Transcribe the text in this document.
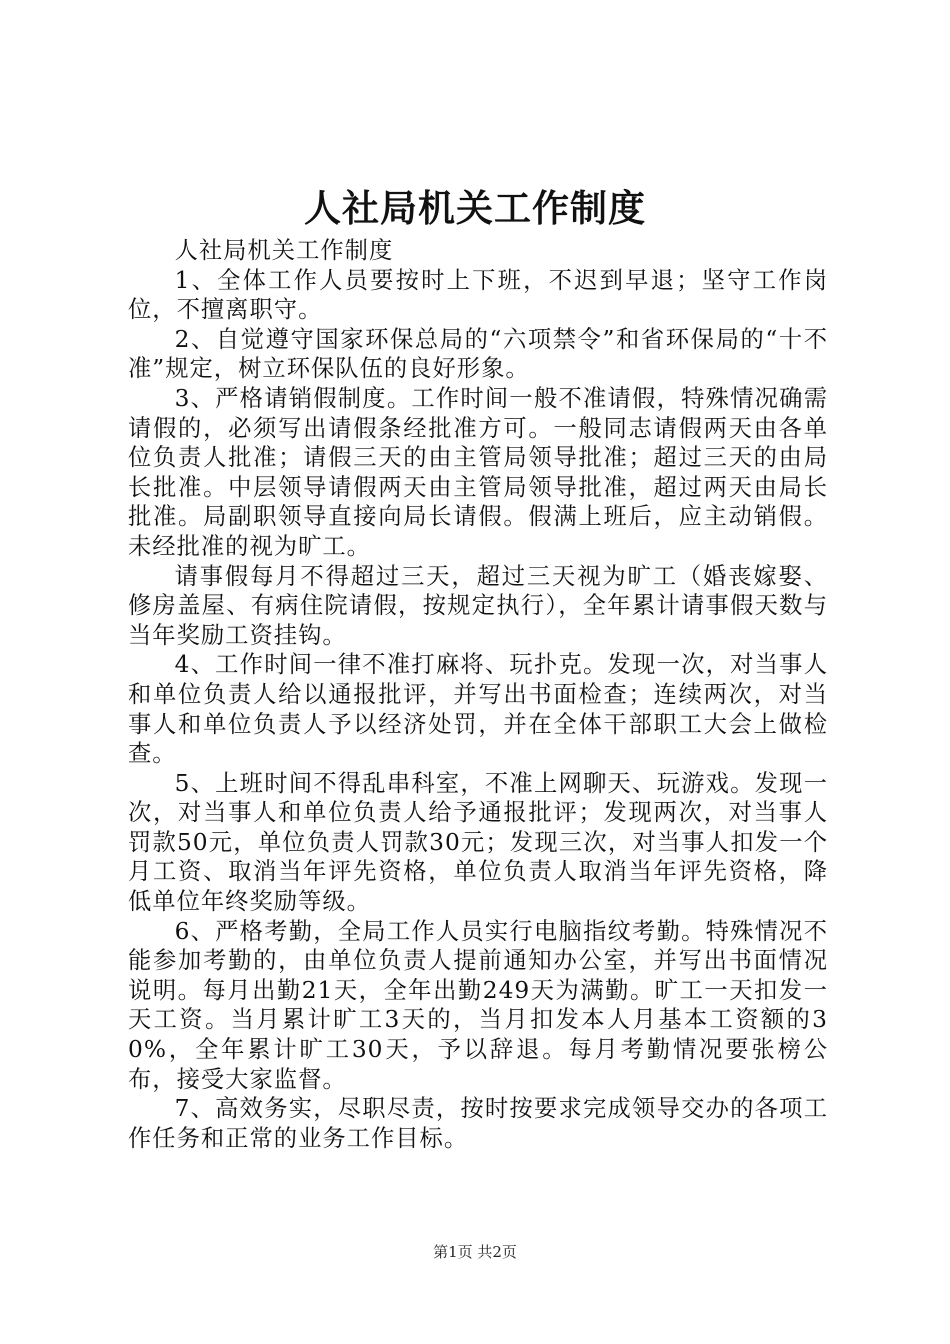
人社局机关工作制度

人社局机关工作制度

1、全体工作人员要按时上下班，不迟到早退；坚守工作岗位，不擅离职守。

2、自觉遵守国家环保总局的“六项禁令”和省环保局的“十不准”规定，树立环保队伍的良好形象。

3、严格请销假制度。工作时间一般不准请假，特殊情况确需请假的，必须写出请假条经批准方可。一般同志请假两天由各单位负责人批准；请假三天的由主管局领导批准；超过三天的由局长批准。中层领导请假两天由主管局领导批准，超过两天由局长批准。局副职领导直接向局长请假。假满上班后，应主动销假。未经批准的视为旷工。

请事假每月不得超过三天，超过三天视为旷工（婚丧嫁娶、修房盖屋、有病住院请假，按规定执行），全年累计请事假天数与当年奖励工资挂钩。

4、工作时间一律不准打麻将、玩扑克。发现一次，对当事人和单位负责人给以通报批评，并写出书面检查；连续两次，对当事人和单位负责人予以经济处罚，并在全体干部职工大会上做检查。

5、上班时间不得乱串科室，不准上网聊天、玩游戏。发现一次，对当事人和单位负责人给予通报批评；发现两次，对当事人罚款50元，单位负责人罚款30元；发现三次，对当事人扣发一个月工资、取消当年评先资格，单位负责人取消当年评先资格，降低单位年终奖励等级。

6、严格考勤，全局工作人员实行电脑指纹考勤。特殊情况不能参加考勤的，由单位负责人提前通知办公室，并写出书面情况说明。每月出勤21天，全年出勤249天为满勤。旷工一天扣发一天工资。当月累计旷工3天的，当月扣发本人月基本工资额的30%，全年累计旷工30天，予以辞退。每月考勤情况要张榜公布，接受大家监督。

7、高效务实，尽职尽责，按时按要求完成领导交办的各项工作任务和正常的业务工作目标。

第1页 共2页
